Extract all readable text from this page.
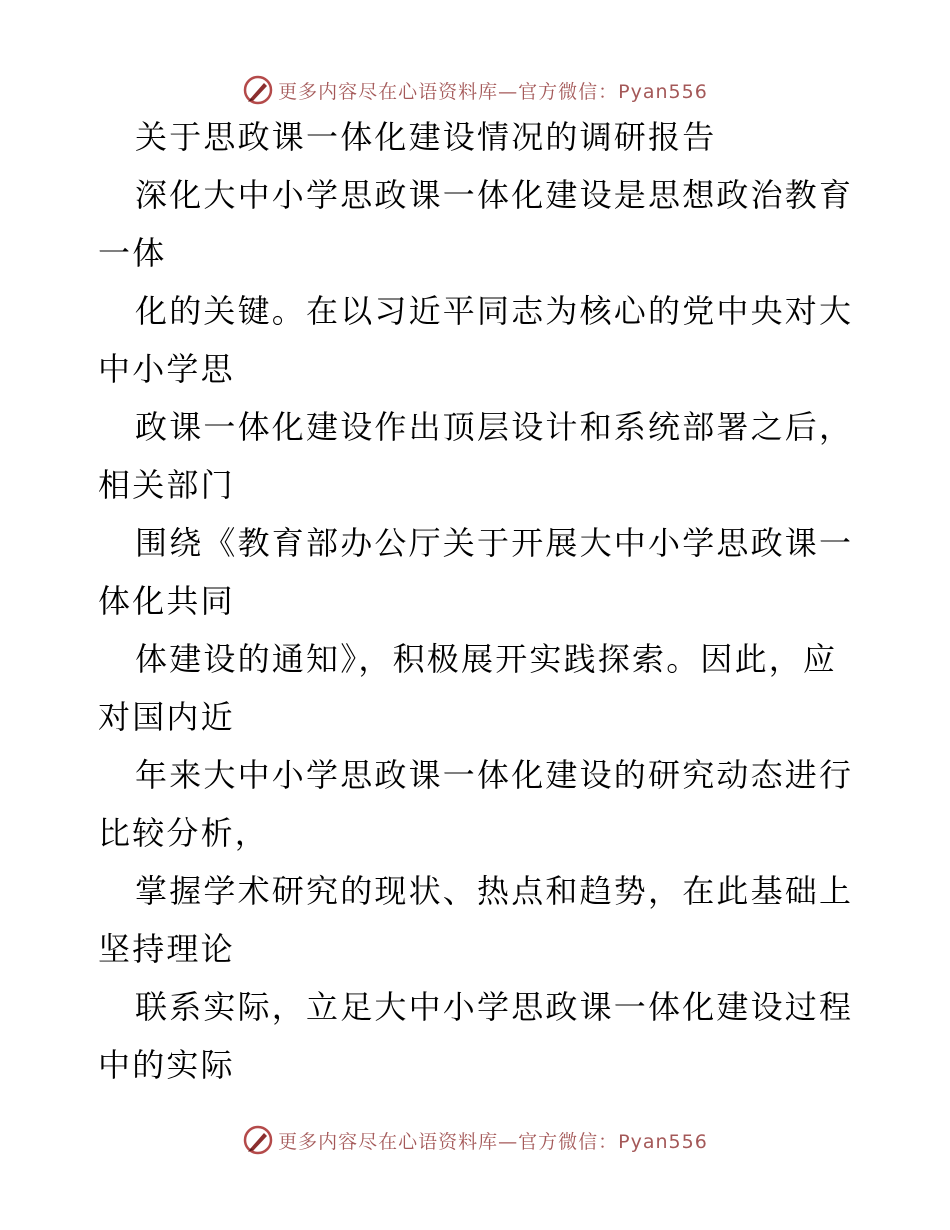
更多内容尽在心语资料库—官方微信：Pyan556
关于思政课一体化建设情况的调研报告
深化大中小学思政课一体化建设是思想政治教育
一体
化的关键。在以习近平同志为核心的党中央对大
中小学思
政课一体化建设作出顶层设计和系统部署之后，
相关部门
围绕《教育部办公厅关于开展大中小学思政课一
体化共同
体建设的通知》，积极展开实践探索。因此，应
对国内近
年来大中小学思政课一体化建设的研究动态进行
比较分析，
掌握学术研究的现状、热点和趋势，在此基础上
坚持理论
联系实际，立足大中小学思政课一体化建设过程
中的实际
更多内容尽在心语资料库—官方微信：Pyan556
